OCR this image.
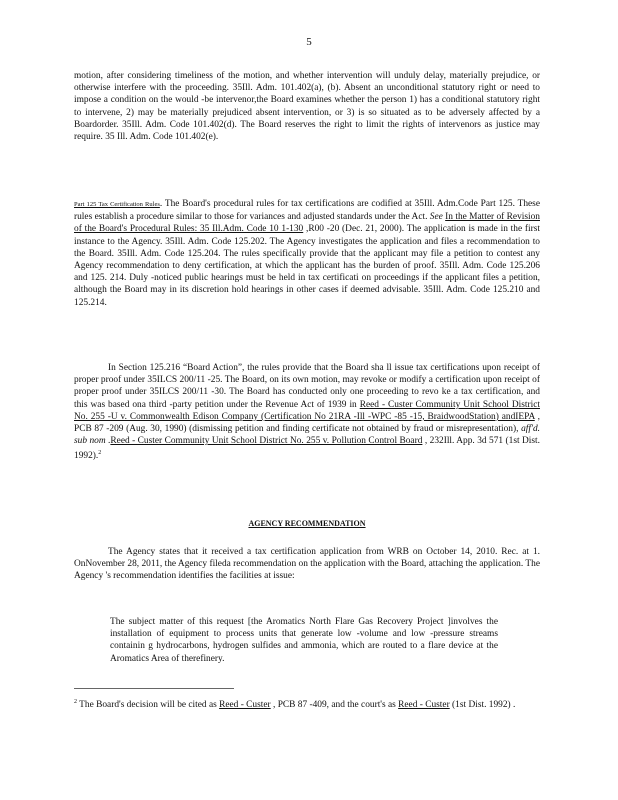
5

motion, after considering timeliness of the motion, and whether intervention will unduly delay, materially prejudice, or otherwise interfere with the proceeding. 35Ill. Adm. 101.402(a), (b). Absent an unconditional statutory right or need to impose a condition on the would -be intervenor,the Board examines whether the person 1) has a conditional statutory right to intervene, 2) may be materially prejudiced absent intervention, or 3) is so situated as to be adversely affected by a Boardorder. 35Ill. Adm. Code 101.402(d). The Board reserves the right to limit the rights of intervenors as justice may require. 35 Ill. Adm. Code 101.402(e).

Part 125 Tax Certification Rules. The Board's procedural rules for tax certifications are codified at 35Ill. Adm.Code Part 125. These rules establish a procedure similar to those for variances and adjusted standards under the Act. See In the Matter of Revision of the Board's Procedural Rules: 35 Ill.Adm. Code 10 1-130 ,R00 -20 (Dec. 21, 2000). The application is made in the first instance to the Agency. 35Ill. Adm. Code 125.202. The Agency investigates the application and files a recommendation to the Board. 35Ill. Adm. Code 125.204. The rules specifically provide that the applicant may file a petition to contest any Agency recommendation to deny certification, at which the applicant has the burden of proof. 35Ill. Adm. Code 125.206 and 125. 214. Duly -noticed public hearings must be held in tax certificati on proceedings if the applicant files a petition, although the Board may in its discretion hold hearings in other cases if deemed advisable. 35Ill. Adm. Code 125.210 and 125.214.

In Section 125.216 “Board Action”, the rules provide that the Board sha ll issue tax certifications upon receipt of proper proof under 35ILCS 200/11 -25. The Board, on its own motion, may revoke or modify a certification upon receipt of proper proof under 35ILCS 200/11 -30. The Board has conducted only one proceeding to revo ke a tax certification, and this was based ona third -party petition under the Revenue Act of 1939 in Reed - Custer Community Unit School District No. 255 -U v. Commonwealth Edison Company (Certification No 21RA -Ill -WPC -85 -15, BraidwoodStation) andIEPA , PCB 87 -209 (Aug. 30, 1990) (dismissing petition and finding certificate not obtained by fraud or misrepresentation), aff'd. sub nom .Reed - Custer Community Unit School District No. 255 v. Pollution Control Board , 232Ill. App. 3d 571 (1st Dist. 1992).$^2$

AGENCY RECOMMENDATION

The Agency states that it received a tax certification application from WRB on October 14, 2010. Rec. at 1. OnNovember 28, 2011, the Agency fileda recommendation on the application with the Board, attaching the application. The Agency 's recommendation identifies the facilities at issue:

The subject matter of this request [the Aromatics North Flare Gas Recovery Project ]involves the installation of equipment to process units that generate low -volume and low -pressure streams containin g hydrocarbons, hydrogen sulfides and ammonia, which are routed to a flare device at the Aromatics Area of therefinery.

$^2$ The Board's decision will be cited as Reed - Custer , PCB 87 -409, and the court's as Reed - Custer (1st Dist. 1992) .
